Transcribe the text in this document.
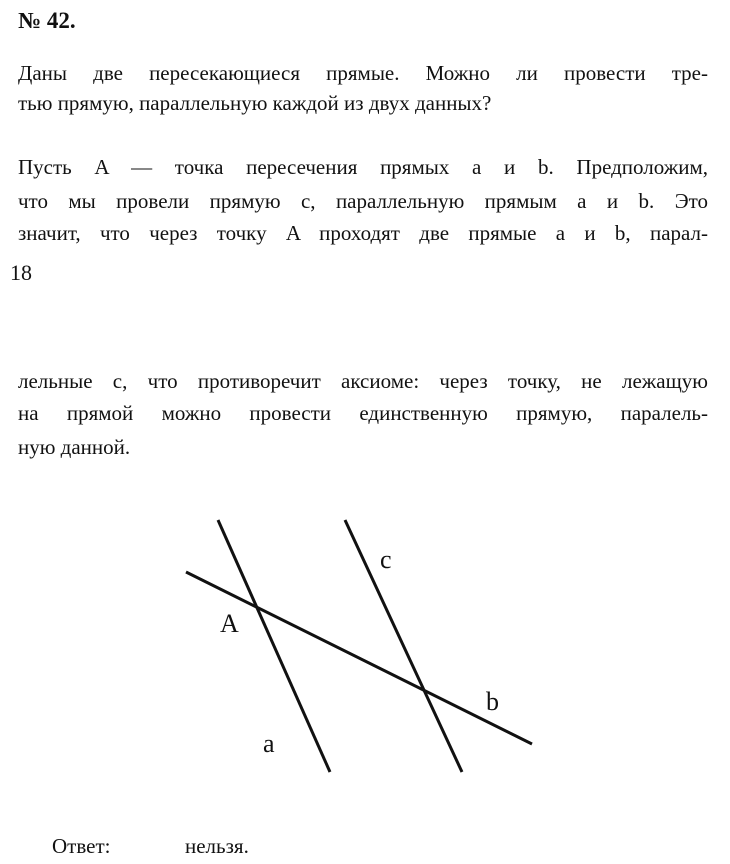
№ 42.

Даны две пересекающиеся прямые. Можно ли провести тре-

тью прямую, параллельную каждой из двух данных?

Пусть A — точка пересечения прямых a и b. Предположим,

что мы провели прямую c, параллельную прямым a и b. Это

значит, что через точку A проходят две прямые a и b, парал-

18

лельные c, что противоречит аксиоме: через точку, не лежащую

на прямой можно провести единственную прямую, паралель-

ную данной.

A
a
b
c

Ответ:	нельзя.
